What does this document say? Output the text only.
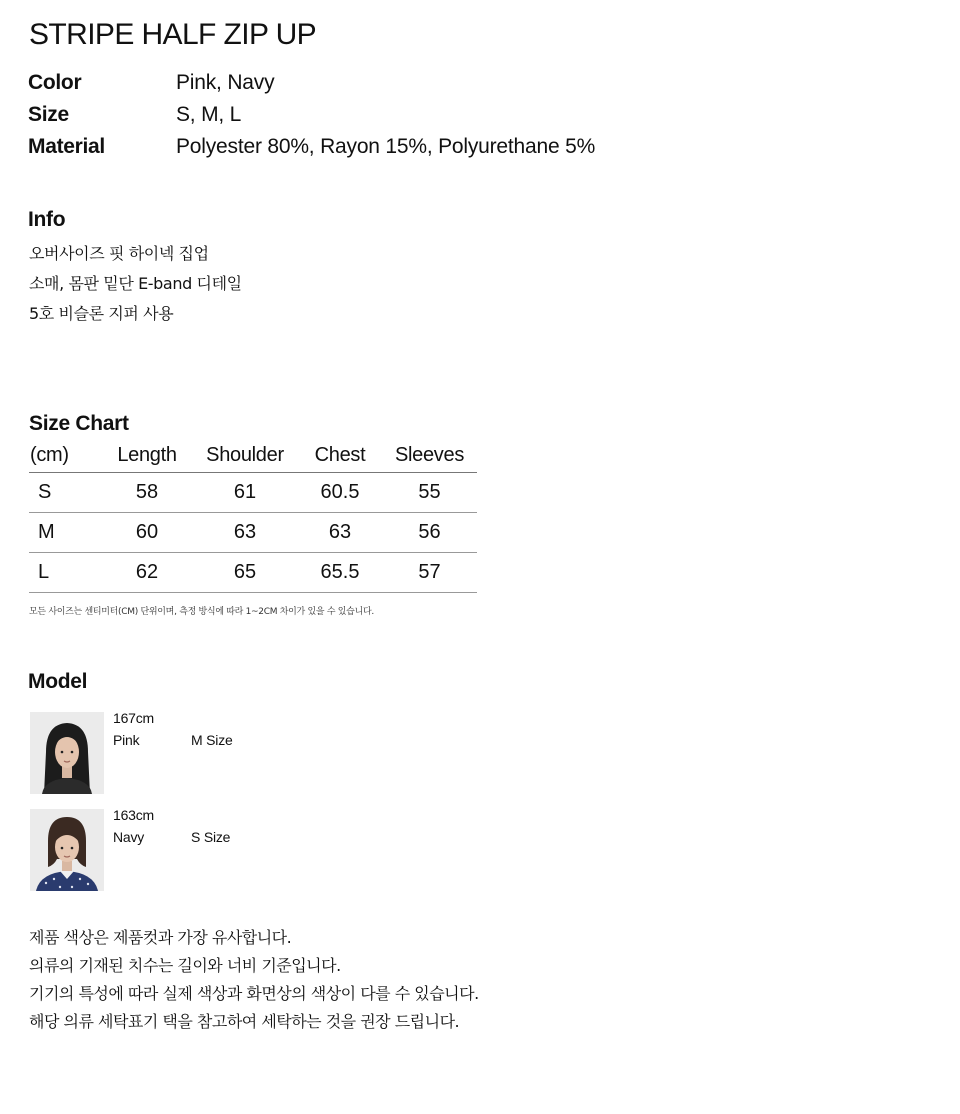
STRIPE HALF ZIP UP
Color	Pink, Navy
Size	S, M, L
Material	Polyester 80%, Rayon 15%, Polyurethane 5%
Info
오버사이즈 핏 하이넥 집업
소매, 몸판 밑단 E-band 디테일
5호 비슬론 지퍼 사용
Size Chart
(cm)	Length	Shoulder	Chest	Sleeves
S	58	61	60.5	55
M	60	63	63	56
L	62	65	65.5	57
모든 사이즈는 센티미터(CM) 단위이며, 측정 방식에 따라 1~2CM 차이가 있을 수 있습니다.
Model
167cm
Pink	M Size
163cm
Navy	S Size
제품 색상은 제품컷과 가장 유사합니다.
의류의 기재된 치수는 길이와 너비 기준입니다.
기기의 특성에 따라 실제 색상과 화면상의 색상이 다를 수 있습니다.
해당 의류 세탁표기 택을 참고하여 세탁하는 것을 권장 드립니다.
